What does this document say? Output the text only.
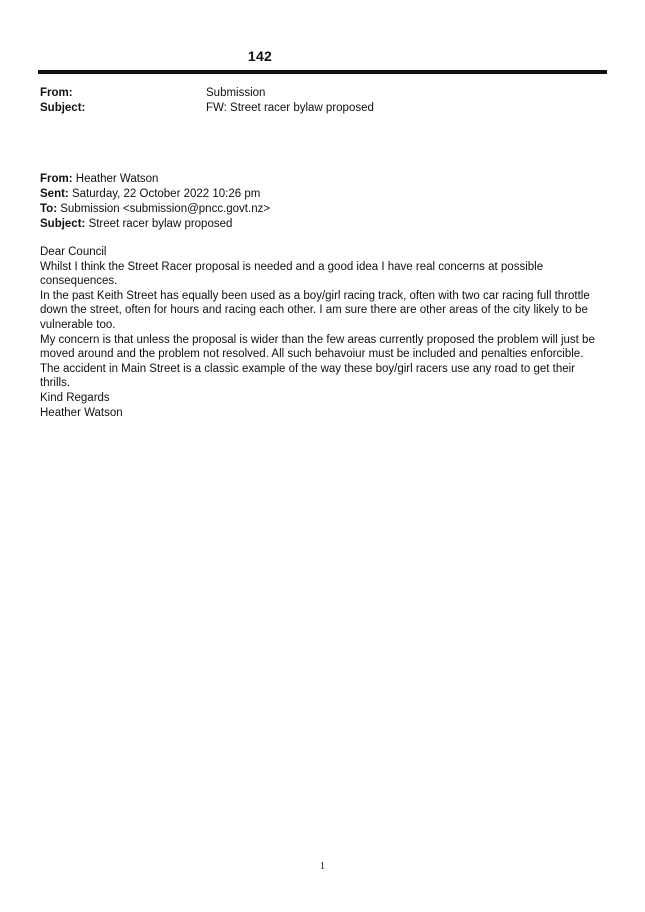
142
From:	Submission
Subject:	FW: Street racer bylaw proposed
From: Heather Watson
Sent: Saturday, 22 October 2022 10:26 pm
To: Submission <submission@pncc.govt.nz>
Subject: Street racer bylaw proposed

Dear Council

Whilst I think the Street Racer proposal is needed and a good idea I have real concerns at possible consequences.

In the past Keith Street has equally been used as a boy/girl racing track, often with two car racing full throttle down the street, often for hours and racing each other. I am sure there are other areas of the city likely to be vulnerable too.

My concern is that unless the proposal is wider than the few areas currently proposed the problem will just be moved around and the problem not resolved. All such behavoiur must be included and penalties enforcible.

The accident in Main Street is a classic example of the way these boy/girl racers use any road to get their thrills.

Kind Regards

Heather Watson

1
